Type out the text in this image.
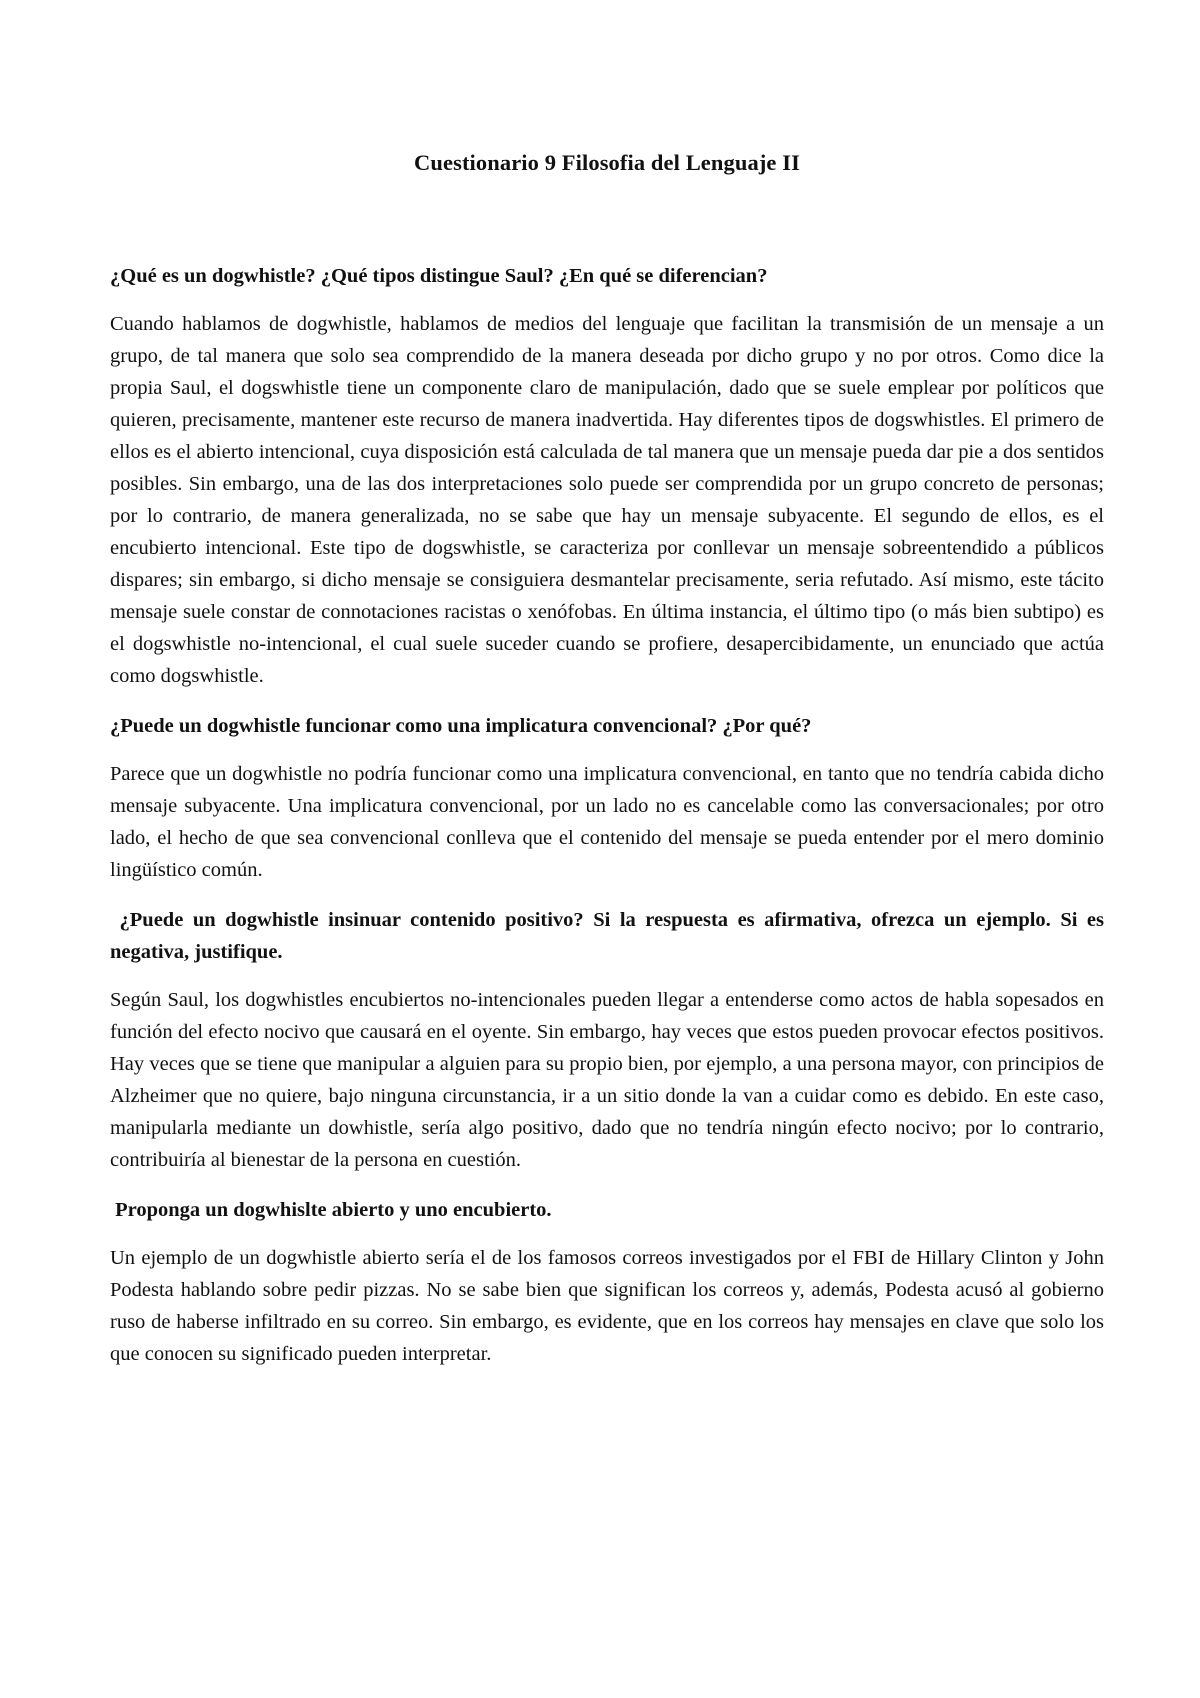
Cuestionario 9 Filosofia del Lenguaje II

¿Qué es un dogwhistle? ¿Qué tipos distingue Saul? ¿En qué se diferencian?

Cuando hablamos de dogwhistle, hablamos de medios del lenguaje que facilitan la transmisión de un mensaje a un grupo, de tal manera que solo sea comprendido de la manera deseada por dicho grupo y no por otros. Como dice la propia Saul, el dogswhistle tiene un componente claro de manipulación, dado que se suele emplear por políticos que quieren, precisamente, mantener este recurso de manera inadvertida. Hay diferentes tipos de dogswhistles. El primero de ellos es el abierto intencional, cuya disposición está calculada de tal manera que un mensaje pueda dar pie a dos sentidos posibles. Sin embargo, una de las dos interpretaciones solo puede ser comprendida por un grupo concreto de personas; por lo contrario, de manera generalizada, no se sabe que hay un mensaje subyacente. El segundo de ellos, es el encubierto intencional. Este tipo de dogswhistle, se caracteriza por conllevar un mensaje sobreentendido a públicos dispares; sin embargo, si dicho mensaje se consiguiera desmantelar precisamente, seria refutado. Así mismo, este tácito mensaje suele constar de connotaciones racistas o xenófobas. En última instancia, el último tipo (o más bien subtipo) es el dogswhistle no-intencional, el cual suele suceder cuando se profiere, desapercibidamente, un enunciado que actúa como dogswhistle.

¿Puede un dogwhistle funcionar como una implicatura convencional? ¿Por qué?

Parece que un dogwhistle no podría funcionar como una implicatura convencional, en tanto que no tendría cabida dicho mensaje subyacente. Una implicatura convencional, por un lado no es cancelable como las conversacionales; por otro lado, el hecho de que sea convencional conlleva que el contenido del mensaje se pueda entender por el mero dominio lingüístico común.

¿Puede un dogwhistle insinuar contenido positivo? Si la respuesta es afirmativa, ofrezca un ejemplo. Si es negativa, justifique.

Según Saul, los dogwhistles encubiertos no-intencionales pueden llegar a entenderse como actos de habla sopesados en función del efecto nocivo que causará en el oyente. Sin embargo, hay veces que estos pueden provocar efectos positivos. Hay veces que se tiene que manipular a alguien para su propio bien, por ejemplo, a una persona mayor, con principios de Alzheimer que no quiere, bajo ninguna circunstancia, ir a un sitio donde la van a cuidar como es debido. En este caso, manipularla mediante un dowhistle, sería algo positivo, dado que no tendría ningún efecto nocivo; por lo contrario, contribuiría al bienestar de la persona en cuestión.

Proponga un dogwhislte abierto y uno encubierto.

Un ejemplo de un dogwhistle abierto sería el de los famosos correos investigados por el FBI de Hillary Clinton y John Podesta hablando sobre pedir pizzas. No se sabe bien que significan los correos y, además, Podesta acusó al gobierno ruso de haberse infiltrado en su correo. Sin embargo, es evidente, que en los correos hay mensajes en clave que solo los que conocen su significado pueden interpretar.
